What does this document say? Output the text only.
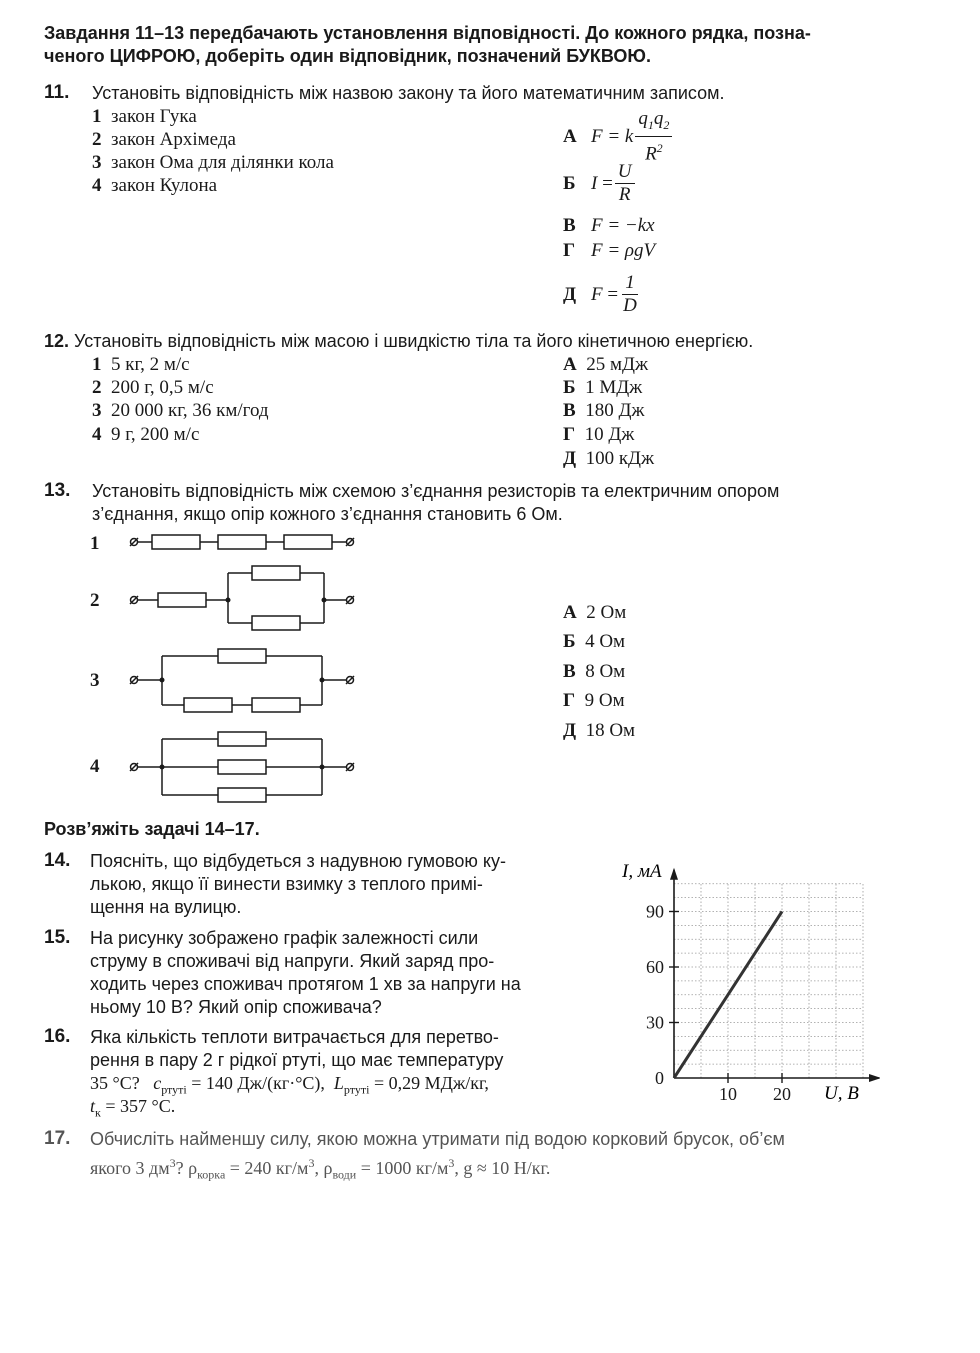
Завдання 11–13 передбачають установлення відповідності. До кожного рядка, позна-
ченого ЦИФРОЮ, доберіть один відповідник, позначений БУКВОЮ.
11. Установіть відповідність між назвою закону та його математичним записом.
1 закон Гука
2 закон Архімеда
3 закон Ома для ділянки кола
4 закон Кулона
А F
= k $\frac{q_1q_2}{R^2}$
Б I
= $\frac{U}{R}$
В F = −kx
Г F = ρgV
Д F
= $\frac{1}{D}$
12. Установіть відповідність між масою і швидкістю тіла та його кінетичною енергією.
1 5 кг, 2 м/с
2 200 г, 0,5 м/с
3 20 000 кг, 36 км/год
4 9 г, 200 м/с
А 25 мДж
Б 1 МДж
В 180 Дж
Г 10 Дж
Д 100 кДж
13. Установіть відповідність між схемою з’єднання резисторів та електричним опором
з’єднання, якщо опір кожного з’єднання становить 6 Ом.
1
2
3
4
А 2 Ом
Б 4 Ом
В 8 Ом
Г 9 Ом
Д 18 Ом
Розв’яжіть задачі 14–17.
14. Поясніть, що відбудеться з надувною гумовою ку-
лькою, якщо її винести взимку з теплого примі-
щення на вулицю.
15. На рисунку зображено графік залежності сили
струму в споживачі від напруги. Який заряд про-
ходить через споживач протягом 1 хв за напруги на
ньому 10 В? Який опір споживача?
16. Яка кількість теплоти витрачається для перетво-
рення в пару 2 г рідкої ртуті, що має температуру
35 °С? $c_{ртуті} = 140$ Дж/(кг·°С), $L_{ртуті} = 0,29$ МДж/кг,
$t_к = 357$ °С.
17. Обчисліть найменшу силу, якою можна утримати під водою корковий брусок, об’єм
якого 3 $дм^3$? $\rho_{корка} = 240$ $кг/м^3$, $\rho_{води} = 1000$ $кг/м^3$, g ≈ 10 Н/кг.
0
30
60
90
10 20
I, мА
U, В
